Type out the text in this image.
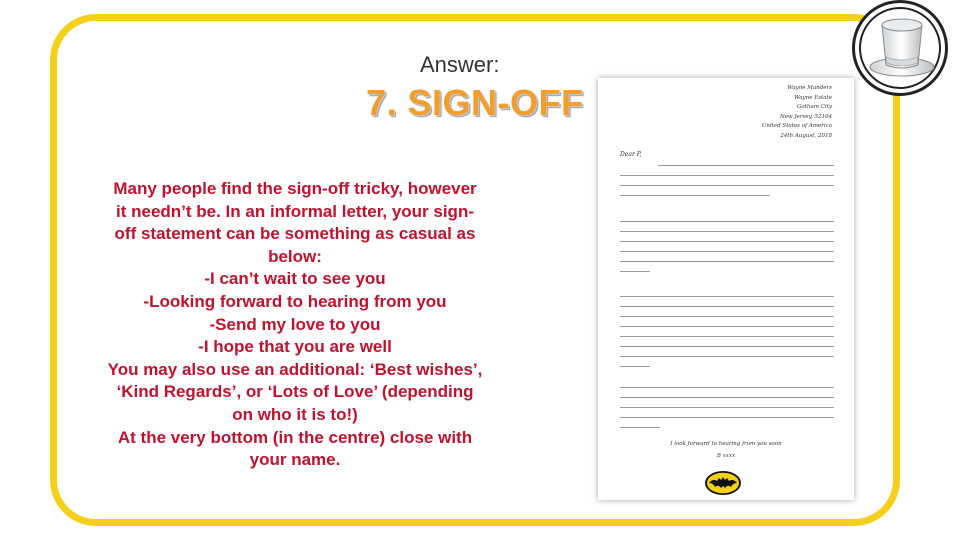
Answer:
7. SIGN-OFF
Many people find the sign-off tricky, however
it needn’t be. In an informal letter, your sign-
off statement can be something as casual as
below:
-I can’t wait to see you
-Looking forward to hearing from you
-Send my love to you
-I hope that you are well
You may also use an additional: ‘Best wishes’,
‘Kind Regards’, or ‘Lots of Love’ (depending
on who it is to!)
At the very bottom (in the centre) close with
your name.
Wayne Manders
Wayne Estate
Gotham City
New Jersey, 52104
United States of America
24th August, 2018
Dear P,
I look forward to hearing from you soon
B xxxx
